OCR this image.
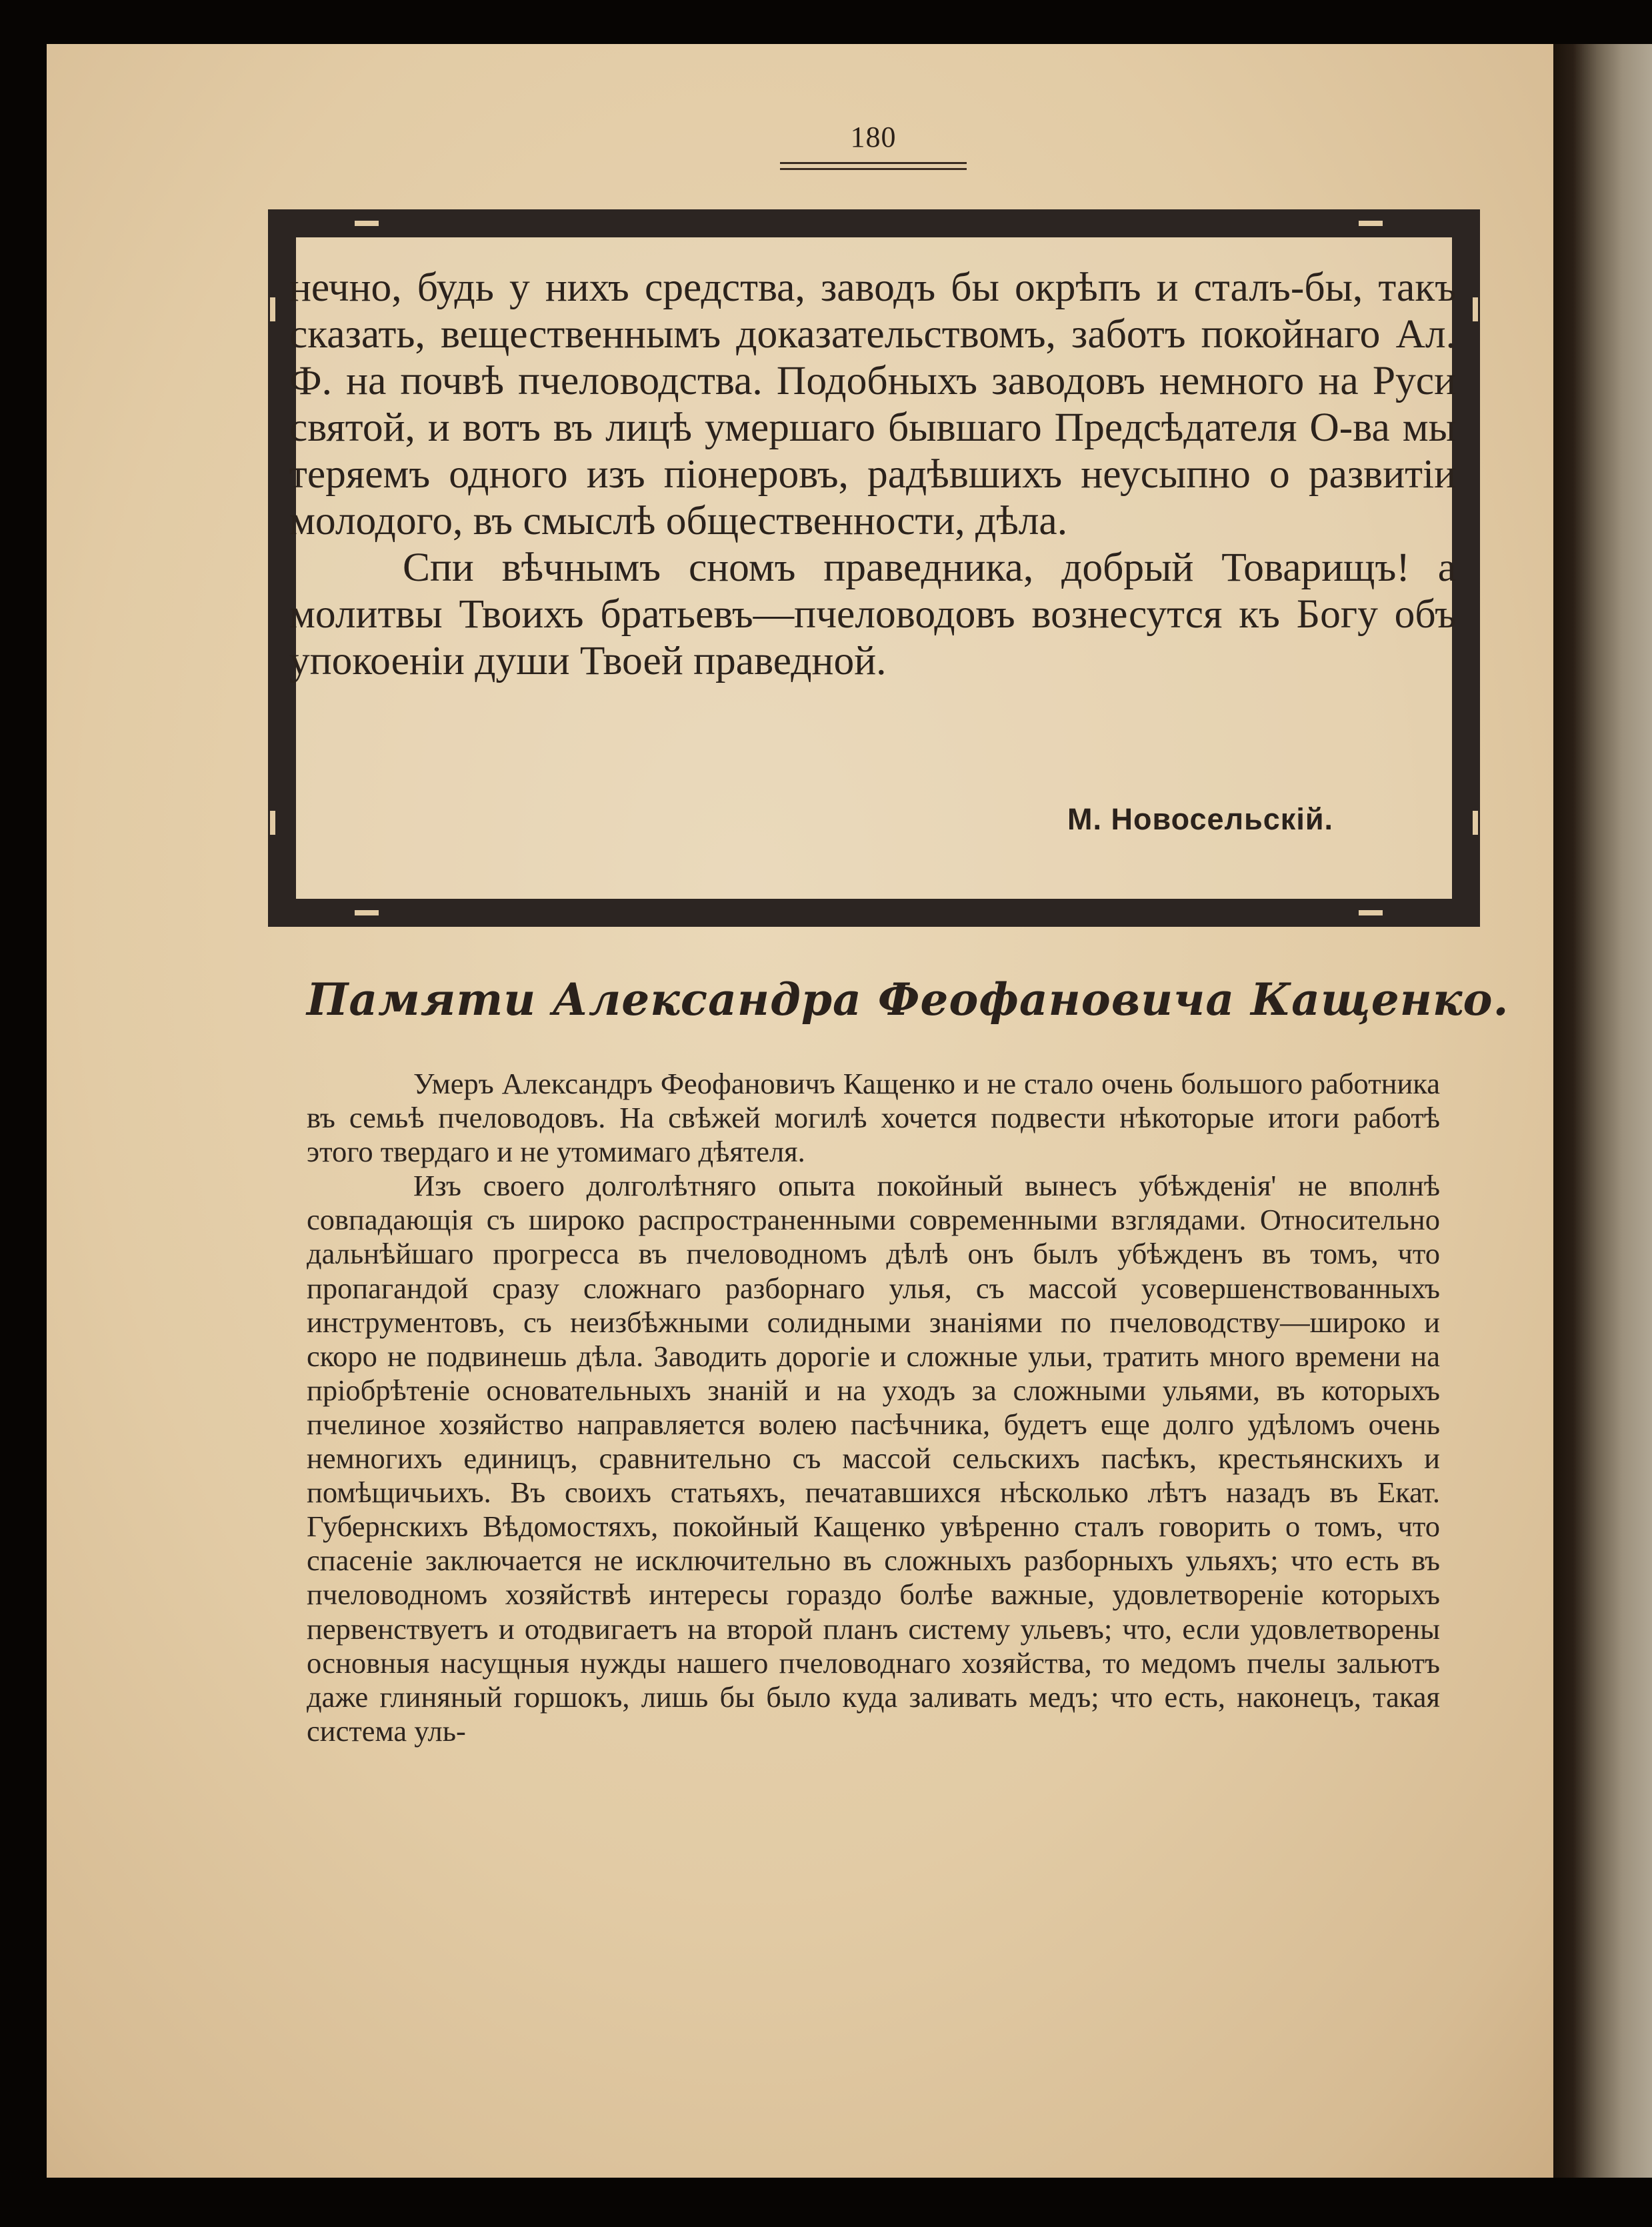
180

нечно, будь у нихъ средства, заводъ бы окрѣпъ и сталъ-бы, такъ сказать, вещественнымъ доказательствомъ, заботъ покойнаго Ал. Ф. на почвѣ пчеловодства. Подобныхъ заводовъ немного на Руси святой, и вотъ въ лицѣ умершаго бывшаго Предсѣдателя О-ва мы теряемъ одного изъ піонеровъ, радѣвшихъ неусыпно о развитіи молодого, въ смыслѣ общественности, дѣла.

Спи вѣчнымъ сномъ праведника, добрый Товарищъ! а молитвы Твоихъ братьевъ—пчеловодовъ вознесутся къ Богу объ упокоеніи души Твоей праведной.

М. Новосельскій.
Памяти Александра Феофановича Кащенко.

Умеръ Александръ Феофановичъ Кащенко и не стало очень большого работника въ семьѣ пчеловодовъ. На свѣжей могилѣ хочется подвести нѣкоторые итоги работѣ этого твердаго и не утомимаго дѣятеля.

Изъ своего долголѣтняго опыта покойный вынесъ убѣжденія' не вполнѣ совпадающія съ широко распространенными современными взглядами. Относительно дальнѣйшаго прогресса въ пчеловодномъ дѣлѣ онъ былъ убѣжденъ въ томъ, что пропагандой сразу сложнаго разборнаго улья, съ массой усовершенствованныхъ инструментовъ, съ неизбѣжными солидными знаніями по пчеловодству—широко и скоро не подвинешь дѣла. Заводить дорогіе и сложные ульи, тратить много времени на пріобрѣтеніе основательныхъ знаній и на уходъ за сложными ульями, въ которыхъ пчелиное хозяйство направляется волею пасѣчника, будетъ еще долго удѣломъ очень немногихъ единицъ, сравнительно съ массой сельскихъ пасѣкъ, крестьянскихъ и помѣщичьихъ. Въ своихъ статьяхъ, печатавшихся нѣсколько лѣтъ назадъ въ Екат. Губернскихъ Вѣдомостяхъ, покойный Кащенко увѣренно сталъ говорить о томъ, что спасеніе заключается не исключительно въ сложныхъ разборныхъ ульяхъ; что есть въ пчеловодномъ хозяйствѣ интересы гораздо болѣе важные, удовлетвореніе которыхъ первенствуетъ и отодвигаетъ на второй планъ систему ульевъ; что, если удовлетворены основныя насущныя нужды нашего пчеловоднаго хозяйства, то медомъ пчелы зальютъ даже глиняный горшокъ, лишь бы было куда заливать медъ; что есть, наконецъ, такая система уль-
